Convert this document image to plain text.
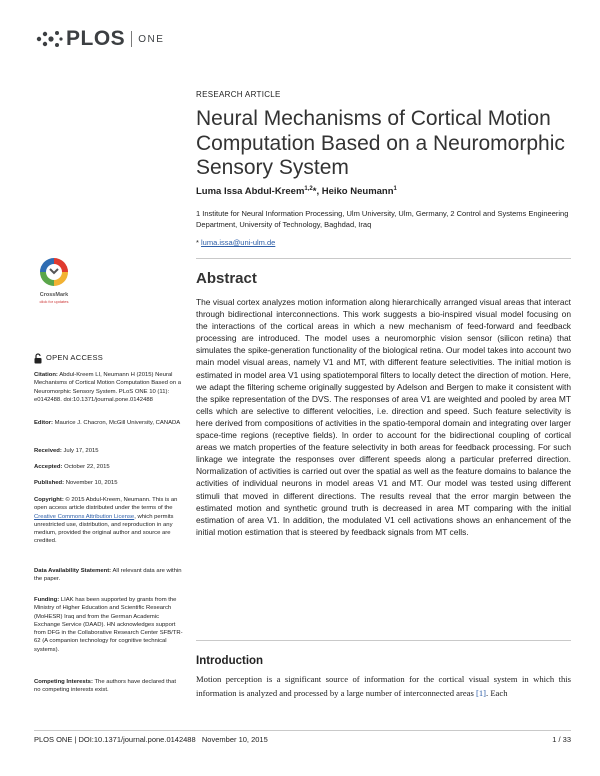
PLOS ONE
RESEARCH ARTICLE
Neural Mechanisms of Cortical Motion Computation Based on a Neuromorphic Sensory System
Luma Issa Abdul-Kreem$^{1,2}$*, Heiko Neumann$^1$
1 Institute for Neural Information Processing, Ulm University, Ulm, Germany, 2 Control and Systems Engineering Department, University of Technology, Baghdad, Iraq
* luma.issa@uni-ulm.de
Abstract

The visual cortex analyzes motion information along hierarchically arranged visual areas that interact through bidirectional interconnections. This work suggests a bio-inspired visual model focusing on the interactions of the cortical areas in which a new mechanism of feed-forward and feedback processing are introduced. The model uses a neuromorphic vision sensor (silicon retina) that simulates the spike-generation functionality of the biological retina. Our model takes into account two main model visual areas, namely V1 and MT, with different feature selectivities. The initial motion is estimated in model area V1 using spatiotemporal filters to locally detect the direction of motion. Here, we adapt the filtering scheme originally suggested by Adelson and Bergen to make it consistent with the spike representation of the DVS. The responses of area V1 are weighted and pooled by area MT cells which are selective to different velocities, i.e. direction and speed. Such feature selectivity is here derived from compositions of activities in the spatio-temporal domain and integrating over larger space-time regions (receptive fields). In order to account for the bidirectional coupling of cortical areas we match properties of the feature selectivity in both areas for feedback processing. For such linkage we integrate the responses over different speeds along a particular preferred direction. Normalization of activities is carried out over the spatial as well as the feature domains to balance the activities of individual neurons in model areas V1 and MT. Our model was tested using different stimuli that moved in different directions. The results reveal that the error margin between the estimated motion and synthetic ground truth is decreased in area MT comparing with the initial estimation of area V1. In addition, the modulated V1 cell activations shows an enhancement of the initial motion estimation that is steered by feedback signals from MT cells.

Introduction

Motion perception is a significant source of information for the cortical visual system in which this information is analyzed and processed by a large number of interconnected areas [1]. Each

CrossMark
click for updates
OPEN ACCESS
Citation: Abdul-Kreem LI, Neumann H (2015) Neural Mechanisms of Cortical Motion Computation Based on a Neuromorphic Sensory System. PLoS ONE 10 (11): e0142488. doi:10.1371/journal.pone.0142488
Editor: Maurice J. Chacron, McGill University, CANADA
Received: July 17, 2015
Accepted: October 22, 2015
Published: November 10, 2015
Copyright: © 2015 Abdul-Kreem, Neumann. This is an open access article distributed under the terms of the Creative Commons Attribution License, which permits unrestricted use, distribution, and reproduction in any medium, provided the original author and source are credited.
Data Availability Statement: All relevant data are within the paper.
Funding: LIAK has been supported by grants from the Ministry of Higher Education and Scientific Research (MoHESR) Iraq and from the German Academic Exchange Service (DAAD). HN acknowledges support from DFG in the Collaborative Research Center SFB/TR-62 (A companion technology for cognitive technical systems).
Competing Interests: The authors have declared that no competing interests exist.
PLOS ONE | DOI:10.1371/journal.pone.0142488   November 10, 2015	1 / 33
